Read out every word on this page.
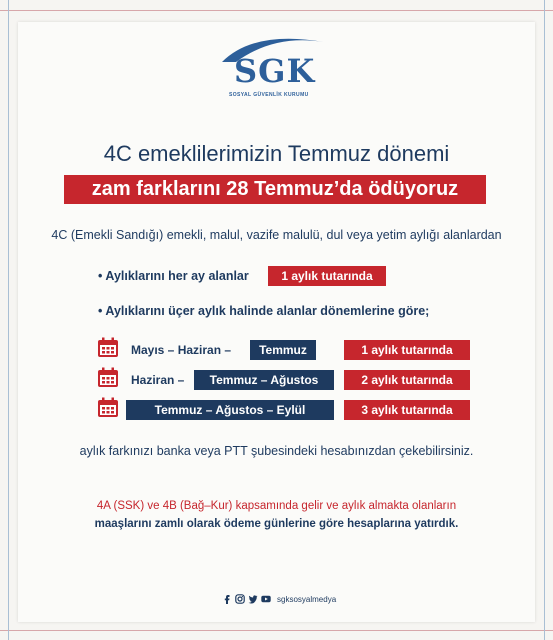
SGK
SOSYAL GÜVENLİK KURUMU
4C emeklilerimizin Temmuz dönemi
zam farklarını 28 Temmuz’da ödüyoruz
4C (Emekli Sandığı) emekli, malul, vazife malulü, dul veya yetim aylığı alanlardan
• Aylıklarını her ay alanlar	1 aylık tutarında
• Aylıklarını üçer aylık halinde alanlar dönemlerine göre;
Mayıs – Haziran –	Temmuz	1 aylık tutarında
Haziran –	Temmuz – Ağustos	2 aylık tutarında
Temmuz – Ağustos – Eylül	3 aylık tutarında
aylık farkınızı banka veya PTT şubesindeki hesabınızdan çekebilirsiniz.
4A (SSK) ve 4B (Bağ–Kur) kapsamında gelir ve aylık almakta olanların
maaşlarını zamlı olarak ödeme günlerine göre hesaplarına yatırdık.
sgksosyalmedya
